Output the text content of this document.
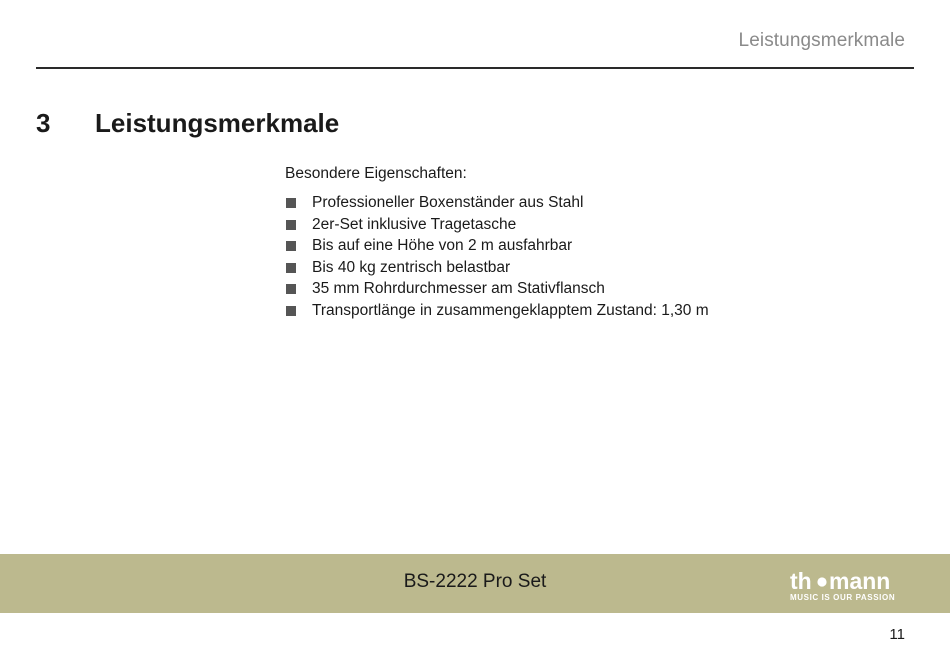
Leistungsmerkmale
3 Leistungsmerkmale

Besondere Eigenschaften:

Professioneller Boxenständer aus Stahl
2er-Set inklusive Tragetasche
Bis auf eine Höhe von 2 m ausfahrbar
Bis 40 kg zentrisch belastbar
35 mm Rohrdurchmesser am Stativflansch
Transportlänge in zusammengeklapptem Zustand: 1,30 m
BS-2222 Pro Set	th mann
MUSIC IS OUR PASSION
11
